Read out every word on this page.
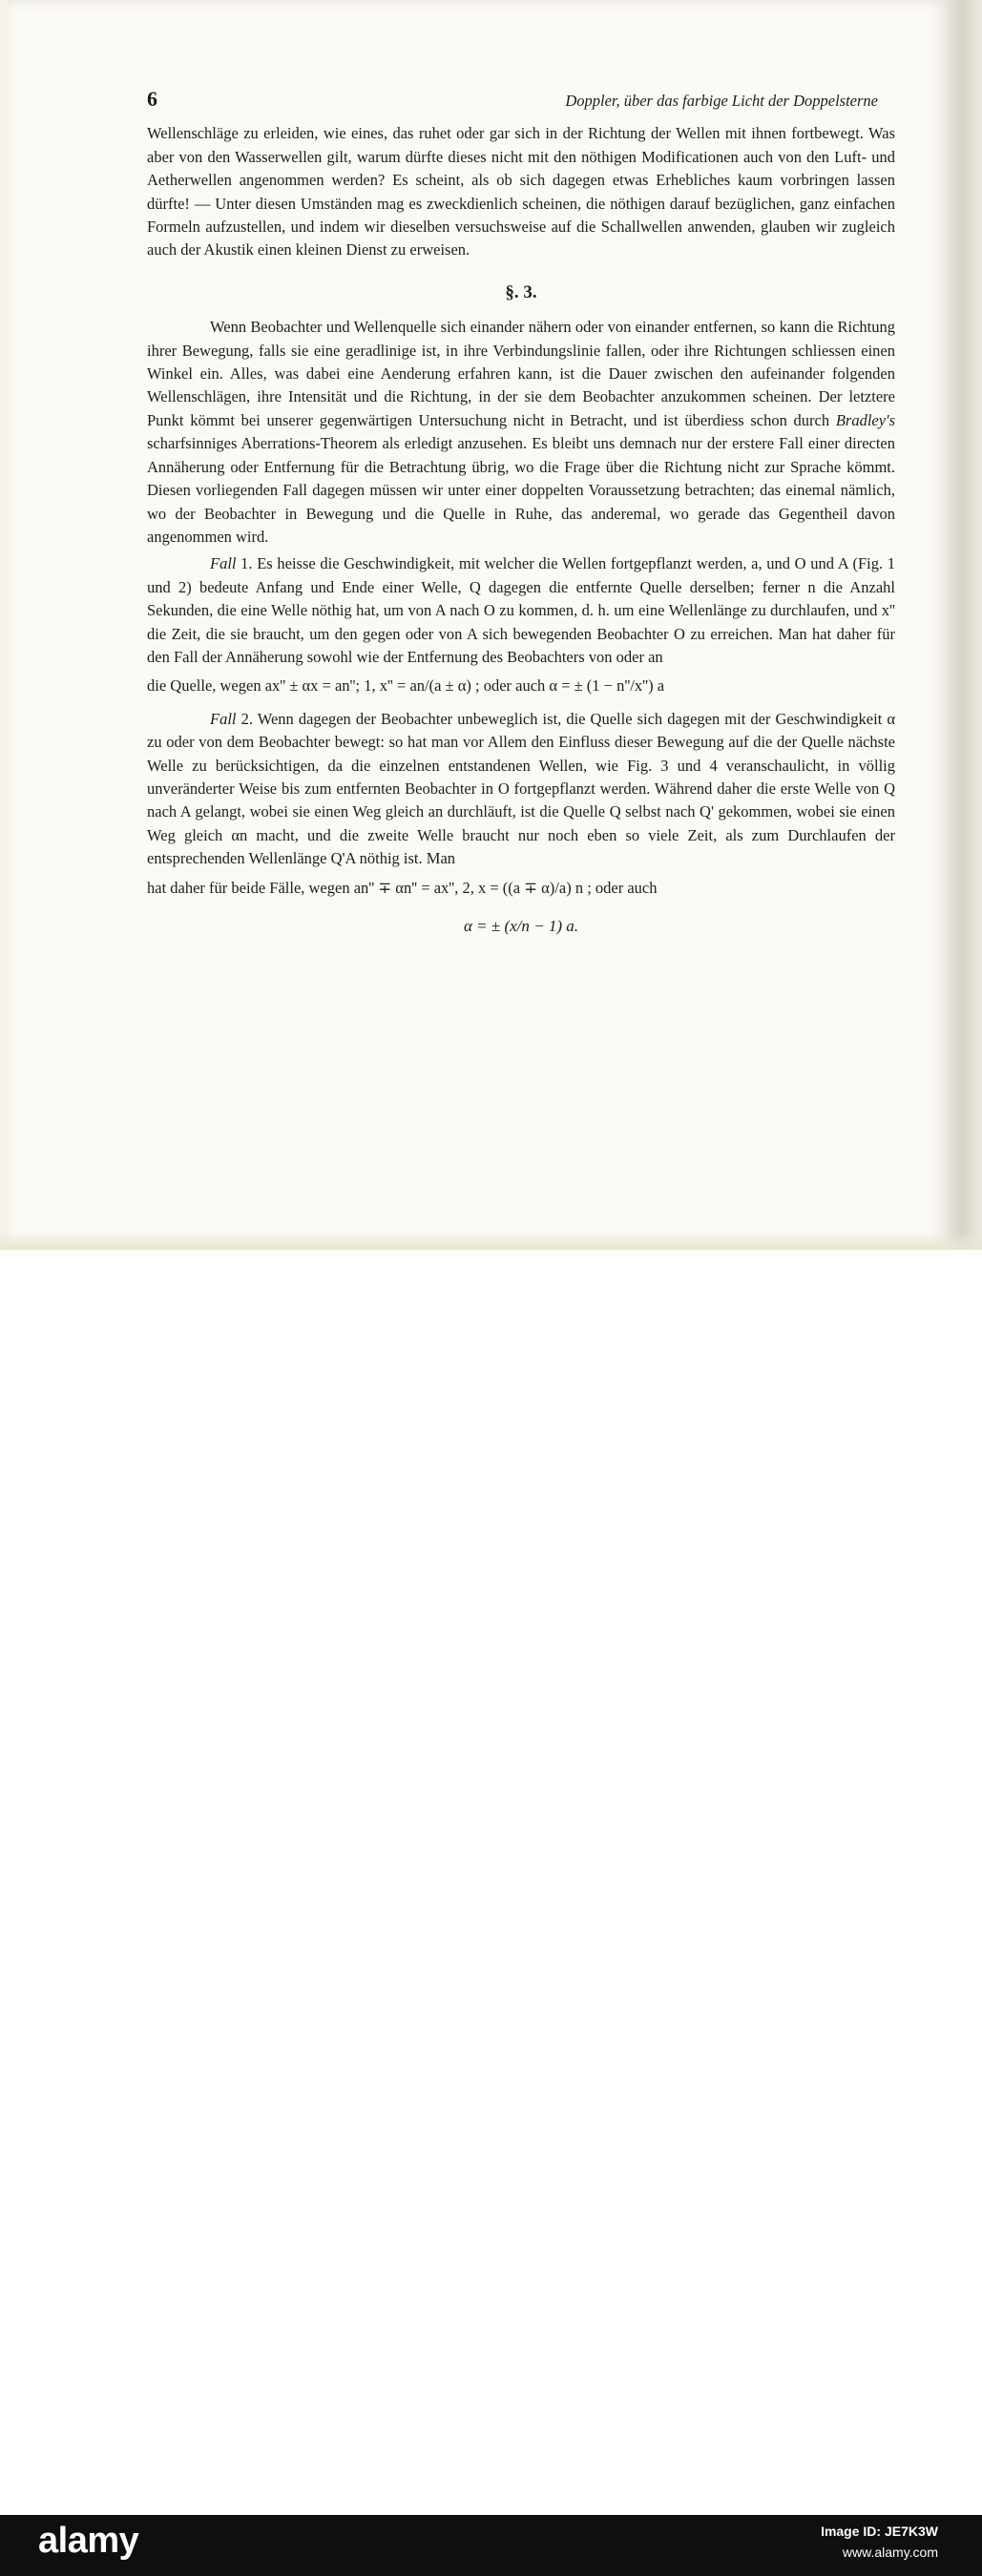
6	Doppler, über das farbige Licht der Doppelsterne

Wellenschläge zu erleiden, wie eines, das ruhet oder gar sich in der Richtung der Wellen mit ihnen fortbewegt. Was aber von den Wasserwellen gilt, warum dürfte dieses nicht mit den nöthigen Modificationen auch von den Luft- und Aetherwellen angenommen werden? Es scheint, als ob sich dagegen etwas Erhebliches kaum vorbringen lassen dürfte! — Unter diesen Umständen mag es zweckdienlich scheinen, die nöthigen darauf bezüglichen, ganz einfachen Formeln aufzustellen, und indem wir dieselben versuchsweise auf die Schallwellen anwenden, glauben wir zugleich auch der Akustik einen kleinen Dienst zu erweisen.

§. 3.

Wenn Beobachter und Wellenquelle sich einander nähern oder von einander entfernen, so kann die Richtung ihrer Bewegung, falls sie eine geradlinige ist, in ihre Verbindungslinie fallen, oder ihre Richtungen schliessen einen Winkel ein. Alles, was dabei eine Aenderung erfahren kann, ist die Dauer zwischen den aufeinander folgenden Wellenschlägen, ihre Intensität und die Richtung, in der sie dem Beobachter anzukommen scheinen. Der letztere Punkt kömmt bei unserer gegenwärtigen Untersuchung nicht in Betracht, und ist überdiess schon durch Bradley's scharfsinniges Aberrations-Theorem als erledigt anzusehen. Es bleibt uns demnach nur der erstere Fall einer directen Annäherung oder Entfernung für die Betrachtung übrig, wo die Frage über die Richtung nicht zur Sprache kömmt. Diesen vorliegenden Fall dagegen müssen wir unter einer doppelten Voraussetzung betrachten; das einemal nämlich, wo der Beobachter in Bewegung und die Quelle in Ruhe, das anderemal, wo gerade das Gegentheil davon angenommen wird.

Fall 1. Es heisse die Geschwindigkeit, mit welcher die Wellen fortgepflanzt werden, a, und O und A (Fig. 1 und 2) bedeute Anfang und Ende einer Welle, Q dagegen die entfernte Quelle derselben; ferner n die Anzahl Sekunden, die eine Welle nöthig hat, um von A nach O zu kommen, d. h. um eine Wellenlänge zu durchlaufen, und x'' die Zeit, die sie braucht, um den gegen oder von A sich bewegenden Beobachter O zu erreichen. Man hat daher für den Fall der Annäherung sowohl wie der Entfernung des Beobachters von oder an

die Quelle, wegen ax'' ± αx = an''; 1, x'' = an/(a ± α) ; oder auch α = ± (1 − n''/x'') a

Fall 2. Wenn dagegen der Beobachter unbeweglich ist, die Quelle sich dagegen mit der Geschwindigkeit α zu oder von dem Beobachter bewegt: so hat man vor Allem den Einfluss dieser Bewegung auf die der Quelle nächste Welle zu berücksichtigen, da die einzelnen entstandenen Wellen, wie Fig. 3 und 4 veranschaulicht, in völlig unveränderter Weise bis zum entfernten Beobachter in O fortgepflanzt werden. Während daher die erste Welle von Q nach A gelangt, wobei sie einen Weg gleich an durchläuft, ist die Quelle Q selbst nach Q' gekommen, wobei sie einen Weg gleich αn macht, und die zweite Welle braucht nur noch eben so viele Zeit, als zum Durchlaufen der entsprechenden Wellenlänge Q'A nöthig ist. Man

hat daher für beide Fälle, wegen an'' ∓ αn'' = ax'', 2, x = ((a ∓ α)/a) n ; oder auch

α = ± (x/n − 1) a.
alamy	Image ID: JE7K3W
www.alamy.com
